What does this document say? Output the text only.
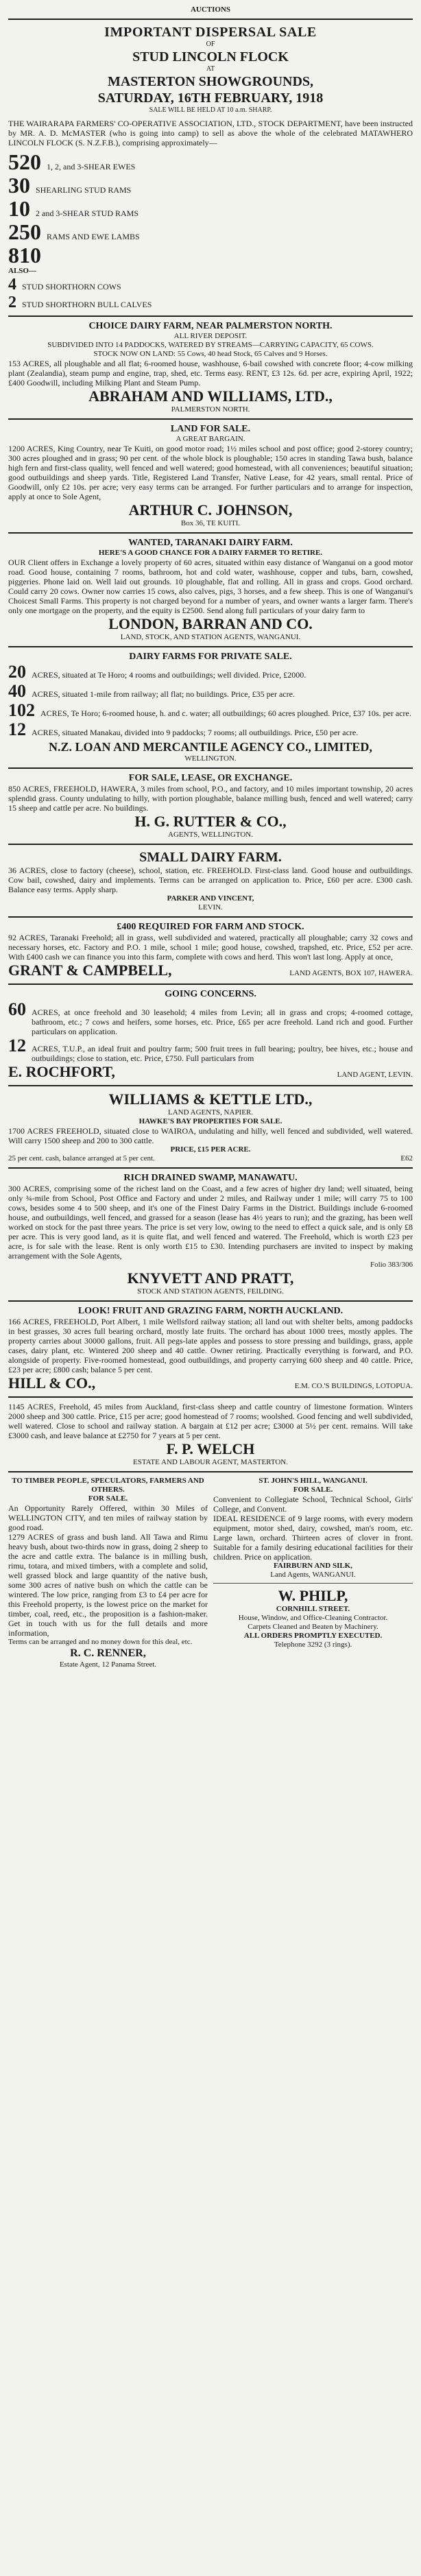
AUCTIONS
IMPORTANT DISPERSAL SALE
OF
STUD LINCOLN FLOCK
AT
MASTERTON SHOWGROUNDS,
SATURDAY, 16TH FEBRUARY, 1918
SALE WILL BE HELD AT 10 a.m. SHARP.
THE WAIRARAPA FARMERS' CO-OPERATIVE ASSOCIATION, LTD., STOCK DEPARTMENT, have been instructed by MR. A. D. McMASTER (who is going into camp) to sell as above the whole of the celebrated MATAWHERO LINCOLN FLOCK (S. N.Z.F.B.), comprising approximately—
520 1, 2, and 3-SHEAR EWES
30 SHEARLING STUD RAMS
10 2 and 3-SHEAR STUD RAMS
250 RAMS AND EWE LAMBS
810
ALSO—
4 STUD SHORTHORN COWS
2 STUD SHORTHORN BULL CALVES
CHOICE DAIRY FARM, NEAR PALMERSTON NORTH.
ALL RIVER DEPOSIT.
SUBDIVIDED INTO 14 PADDOCKS, WATERED BY STREAMS—CARRYING CAPACITY, 65 COWS.
STOCK NOW ON LAND: 55 Cows, 40 head Stock, 65 Calves and 9 Horses.
153 ACRES, all ploughable and all flat; 6-roomed house, washhouse, 6-bail cowshed with concrete floor; 4-cow milking plant (Zealandia), steam pump and engine, trap, shed, etc. Terms easy. RENT, £3 12s. 6d. per acre, expiring April, 1922; £400 Goodwill, including Milking Plant and Steam Pump.
ABRAHAM AND WILLIAMS, LTD.,
PALMERSTON NORTH.
LAND FOR SALE.
A GREAT BARGAIN.
1200 ACRES, King Country, near Te Kuiti, on good motor road; 1½ miles school and post office; good 2-storey country; 300 acres ploughed and in grass; 90 per cent. of the whole block is ploughable; 150 acres in standing Tawa bush, balance high fern and first-class quality, well fenced and well watered; good homestead, with all conveniences; beautiful situation; good outbuildings and sheep yards. Title, Registered Land Transfer, Native Lease, for 42 years, small rental. Price of Goodwill, only £2 10s. per acre; very easy terms can be arranged. For further particulars and to arrange for inspection, apply at once to Sole Agent,
ARTHUR C. JOHNSON,
Box 36, TE KUITI.
WANTED, TARANAKI DAIRY FARM.
HERE'S A GOOD CHANCE FOR A DAIRY FARMER TO RETIRE.
OUR Client offers in Exchange a lovely property of 60 acres, situated within easy distance of Wanganui on a good motor road. Good house, containing 7 rooms, bathroom, hot and cold water, washhouse, copper and tubs, barn, cowshed, piggeries. Phone laid on. Well laid out grounds. 10 ploughable, flat and rolling. All in grass and crops. Good orchard. Could carry 20 cows. Owner now carries 15 cows, also calves, pigs, 3 horses, and a few sheep. This is one of Wanganui's Choicest Small Farms. This property is not charged beyond for a number of years, and owner wants a larger farm. There's only one mortgage on the property, and the equity is £2500. Send along full particulars of your dairy farm to
LONDON, BARRAN AND CO.
LAND, STOCK, AND STATION AGENTS, WANGANUI.
DAIRY FARMS FOR PRIVATE SALE.
20 ACRES, situated at Te Horo; 4 rooms and outbuildings; well divided. Price, £2000.
40 ACRES, situated 1-mile from railway; all flat; no buildings. Price, £35 per acre.
102 ACRES, Te Horo; 6-roomed house, h. and c. water; all outbuildings; 60 acres ploughed. Price, £37 10s. per acre.
12 ACRES, situated Manakau, divided into 9 paddocks; 7 rooms; all outbuildings. Price, £50 per acre.
N.Z. LOAN AND MERCANTILE AGENCY CO., LIMITED,
WELLINGTON.
FOR SALE, LEASE, OR EXCHANGE.
850 ACRES, FREEHOLD, HAWERA, 3 miles from school, P.O., and factory, and 10 miles important township, 20 acres splendid grass. County undulating to hilly, with portion ploughable, balance milling bush, fenced and well watered; carry 15 sheep and cattle per acre. No buildings.
H. G. RUTTER & CO.,
AGENTS, WELLINGTON.
SMALL DAIRY FARM.
36 ACRES, close to factory (cheese), school, station, etc. FREEHOLD. First-class land. Good house and outbuildings. Cow bail, cowshed, dairy and implements. Terms can be arranged on application to. Price, £60 per acre. £300 cash. Balance easy terms. Apply sharp.
PARKER AND VINCENT,
LEVIN.
£400 REQUIRED FOR FARM AND STOCK.
92 ACRES, Taranaki Freehold; all in grass, well subdivided and watered, practically all ploughable; carry 32 cows and necessary horses, etc. Factory and P.O. 1 mile, school 1 mile; good house, cowshed, trapshed, etc. Price, £52 per acre. With £400 cash we can finance you into this farm, complete with cows and herd. This won't last long. Apply at once,
GRANT & CAMPBELL,	LAND AGENTS, BOX 107, HAWERA.
GOING CONCERNS.
60 ACRES, at once freehold and 30 leasehold; 4 miles from Levin; all in grass and crops; 4-roomed cottage, bathroom, etc.; 7 cows and heifers, some horses, etc. Price, £65 per acre freehold. Land rich and good. Further particulars on application.
12 ACRES, T.U.P., an ideal fruit and poultry farm; 500 fruit trees in full bearing; poultry, bee hives, etc.; house and outbuildings; close to station, etc. Price, £750. Full particulars from
E. ROCHFORT,	LAND AGENT, LEVIN.
WILLIAMS & KETTLE LTD.,
LAND AGENTS, NAPIER.
HAWKE'S BAY PROPERTIES FOR SALE.
1700 ACRES FREEHOLD, situated close to WAIROA, undulating and hilly, well fenced and subdivided, well watered. Will carry 1500 sheep and 200 to 300 cattle.
PRICE, £15 PER ACRE.
25 per cent. cash, balance arranged at 5 per cent.	E62
RICH DRAINED SWAMP, MANAWATU.
300 ACRES, comprising some of the richest land on the Coast, and a few acres of higher dry land; well situated, being only ¾-mile from School, Post Office and Factory and under 2 miles, and Railway under 1 mile; will carry 75 to 100 cows, besides some 4 to 500 sheep, and it's one of the Finest Dairy Farms in the District. Buildings include 6-roomed house, and outbuildings, well fenced, and grassed for a season (lease has 4½ years to run); and the grazing, has been well worked on stock for the past three years. The price is set very low, owing to the need to effect a quick sale, and is only £8 per acre. This is very good land, as it is quite flat, and well fenced and watered. The Freehold, which is worth £23 per acre, is for sale with the lease. Rent is only worth £15 to £30. Intending purchasers are invited to inspect by making arrangement with the Sole Agents,
Folio 383/306
KNYVETT AND PRATT,
STOCK AND STATION AGENTS, FEILDING.
LOOK! FRUIT AND GRAZING FARM, NORTH AUCKLAND.
166 ACRES, FREEHOLD, Port Albert, 1 mile Wellsford railway station; all land out with shelter belts, among paddocks in best grasses, 30 acres full bearing orchard, mostly late fruits. The orchard has about 1000 trees, mostly apples. The property carries about 30000 gallons, fruit. All pegs-late apples and possess to store pressing and buildings, grass, apple cases, dairy plant, etc. Wintered 200 sheep and 40 cattle. Owner retiring. Practically everything is forward, and P.O. alongside of property. Five-roomed homestead, good outbuildings, and property carrying 600 sheep and 40 cattle. Price, £23 per acre; £800 cash; balance 5 per cent.
HILL & CO.,	E.M. CO.'S BUILDINGS, LOTOPUA.
1145 ACRES, Freehold, 45 miles from Auckland, first-class sheep and cattle country of limestone formation. Winters 2000 sheep and 300 cattle. Price, £15 per acre; good homestead of 7 rooms; woolshed. Good fencing and well subdivided, well watered. Close to school and railway station. A bargain at £12 per acre; £3000 at 5½ per cent. remains. Will take £3000 cash, and leave balance at £2750 for 7 years at 5 per cent.
F. P. WELCH
ESTATE AND LABOUR AGENT, MASTERTON.
TO TIMBER PEOPLE, SPECULATORS, FARMERS AND OTHERS.
FOR SALE.
An Opportunity Rarely Offered, within 30 Miles of WELLINGTON CITY, and ten miles of railway station by good road.
1279 ACRES of grass and bush land. All Tawa and Rimu heavy bush, about two-thirds now in grass, doing 2 sheep to the acre and cattle extra. The balance is in milling bush, rimu, totara, and mixed timbers, with a complete and solid, well grassed block and large quantity of the native bush, some 300 acres of native bush on which the cattle can be wintered. The low price, ranging from £3 to £4 per acre for this Freehold property, is the lowest price on the market for timber, coal, reed, etc., the proposition is a fashion-maker. Get in touch with us for the full details and more information,
Terms can be arranged and no money down for this deal, etc.
R. C. RENNER,
Estate Agent, 12 Panama Street.
ST. JOHN'S HILL, WANGANUI.
FOR SALE.
Convenient to Collegiate School, Technical School, Girls' College, and Convent.
IDEAL RESIDENCE of 9 large rooms, with every modern equipment, motor shed, dairy, cowshed, man's room, etc. Large lawn, orchard. Thirteen acres of clover in front. Suitable for a family desiring educational facilities for their children. Price on application.
FAIRBURN AND SILK,
Land Agents, WANGANUI.
W. PHILP,
CORNHILL STREET.
House, Window, and Office-Cleaning Contractor.
Carpets Cleaned and Beaten by Machinery.
ALL ORDERS PROMPTLY EXECUTED.
Telephone 3292 (3 rings).
